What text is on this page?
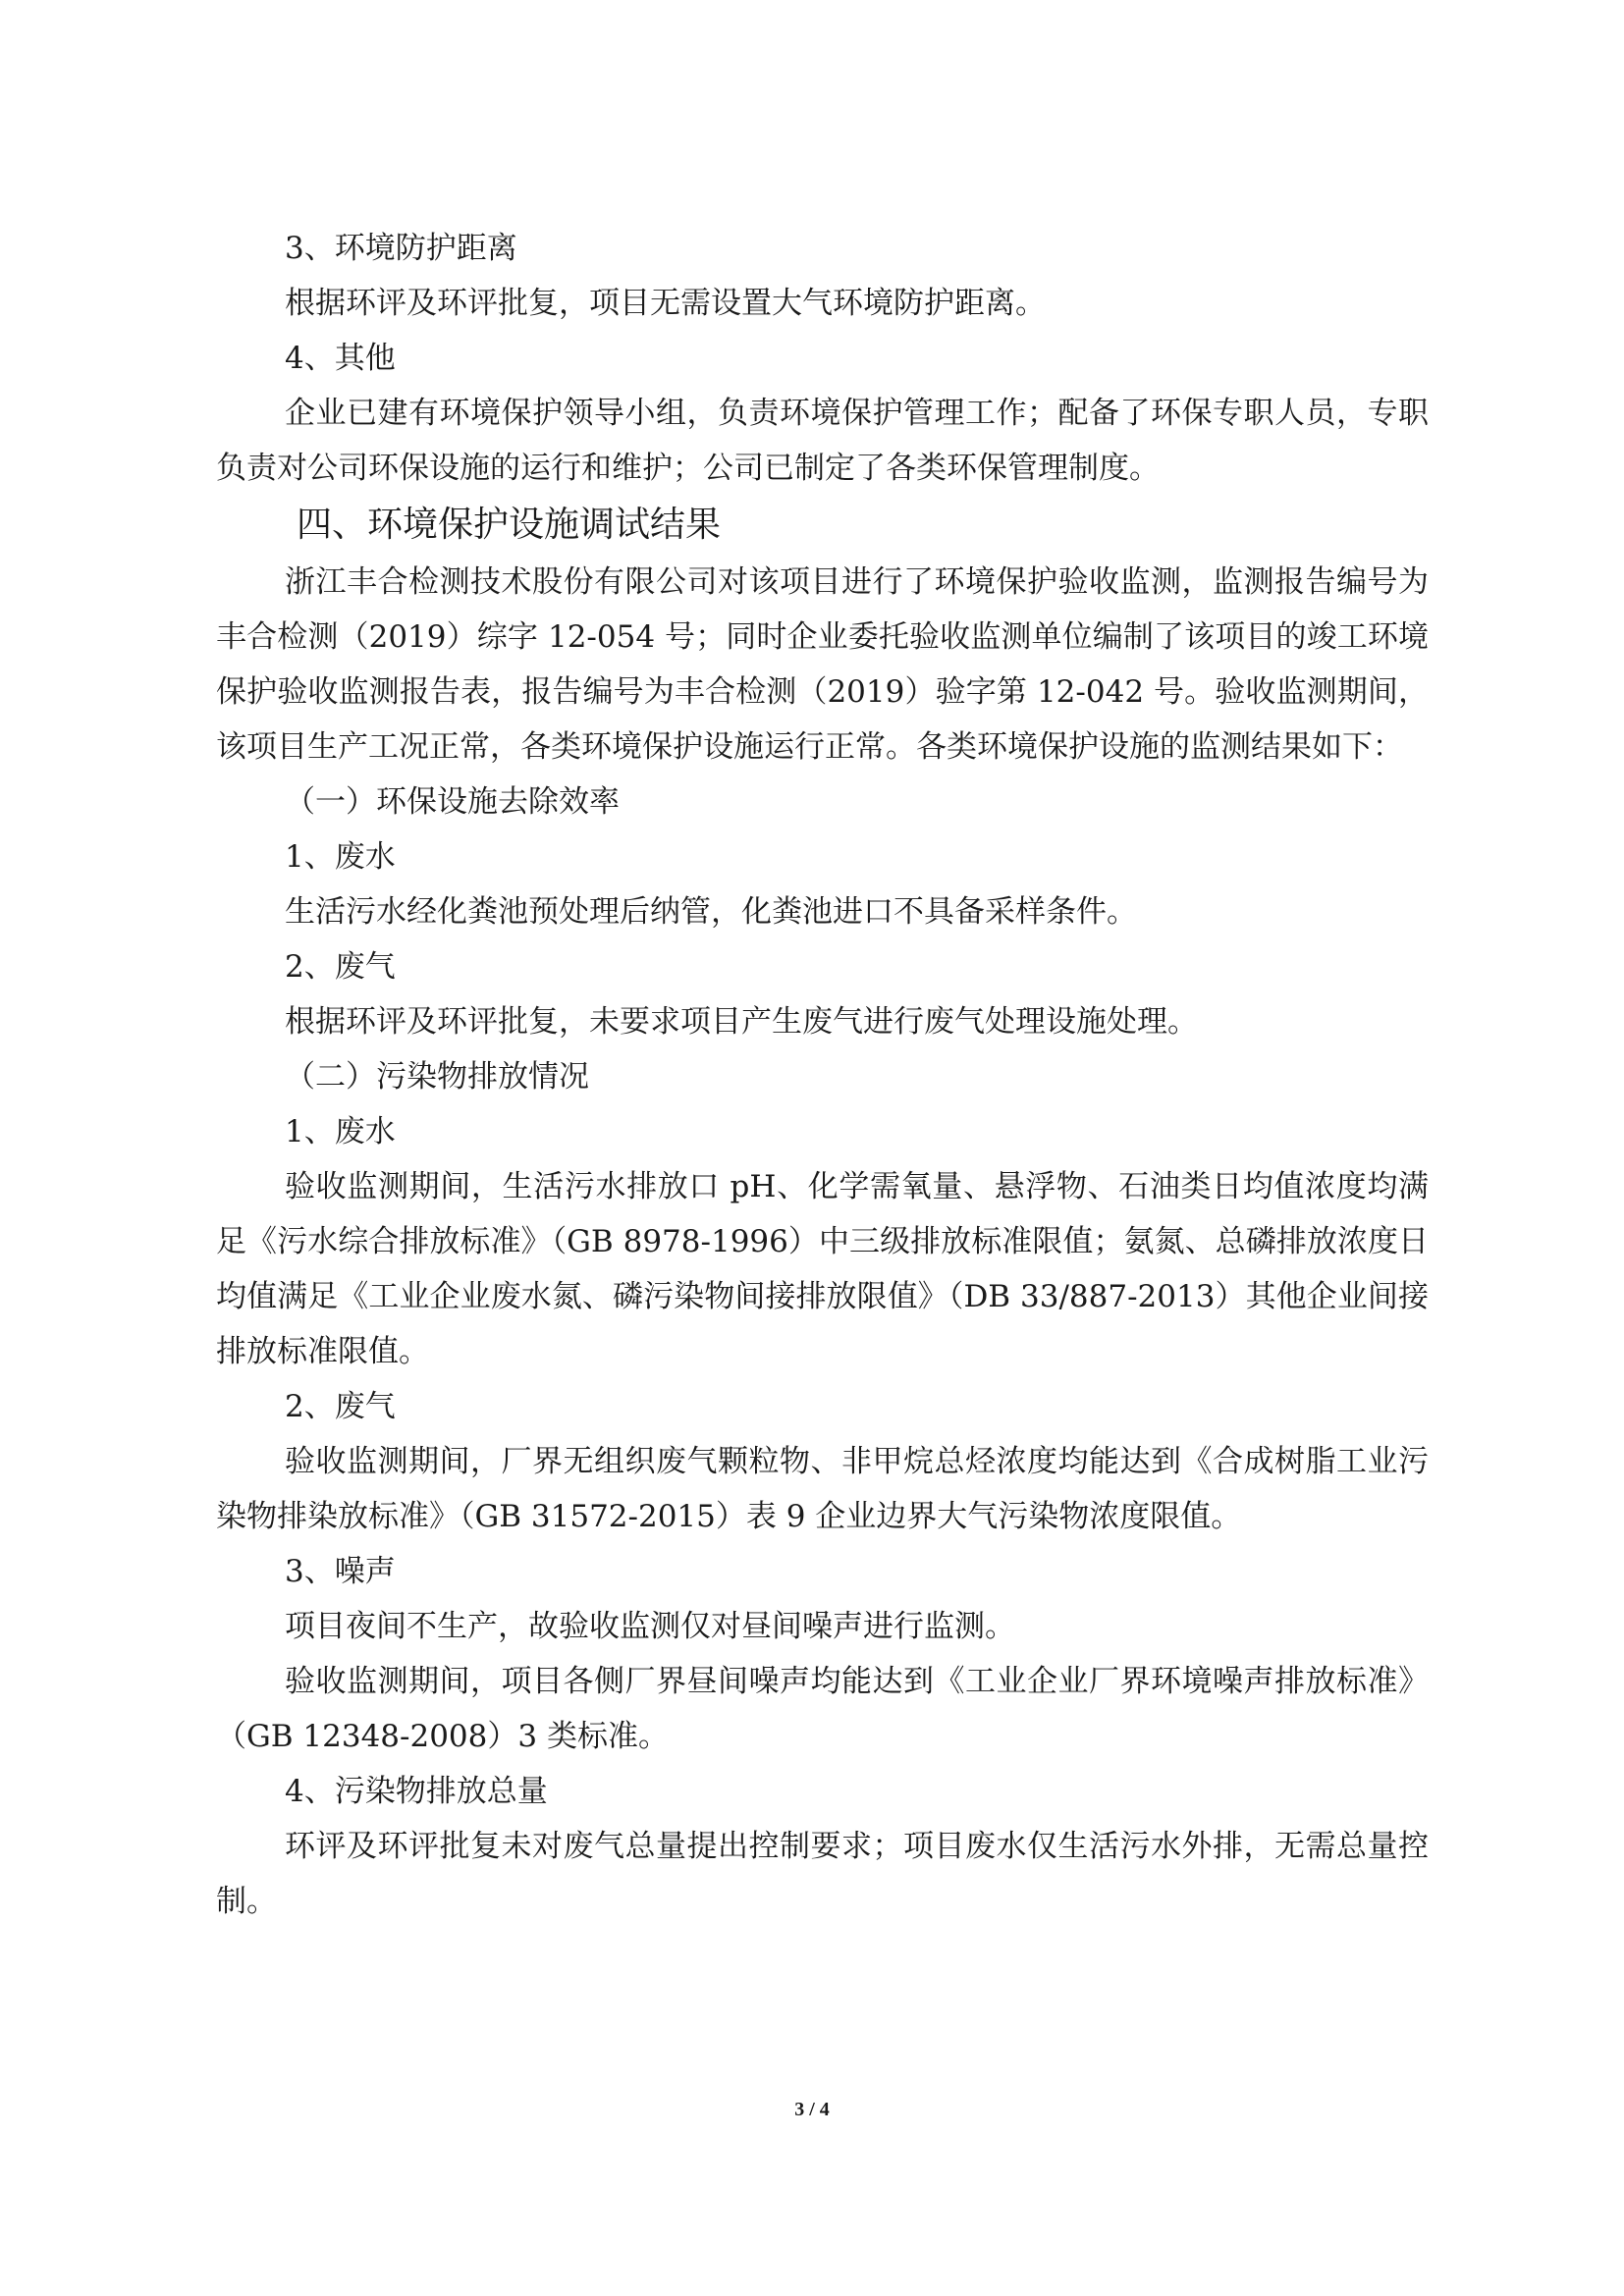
3、环境防护距离

根据环评及环评批复，项目无需设置大气环境防护距离。

4、其他

企业已建有环境保护领导小组，负责环境保护管理工作；配备了环保专职人员，专职负责对公司环保设施的运行和维护；公司已制定了各类环保管理制度。

四、环境保护设施调试结果

浙江丰合检测技术股份有限公司对该项目进行了环境保护验收监测，监测报告编号为丰合检测（2019）综字 12-054 号；同时企业委托验收监测单位编制了该项目的竣工环境保护验收监测报告表，报告编号为丰合检测（2019）验字第 12-042 号。验收监测期间，该项目生产工况正常，各类环境保护设施运行正常。各类环境保护设施的监测结果如下：

（一）环保设施去除效率

1、废水

生活污水经化粪池预处理后纳管，化粪池进口不具备采样条件。

2、废气

根据环评及环评批复，未要求项目产生废气进行废气处理设施处理。

（二）污染物排放情况

1、废水

验收监测期间，生活污水排放口 pH、化学需氧量、悬浮物、石油类日均值浓度均满足《污水综合排放标准》（GB 8978-1996）中三级排放标准限值；氨氮、总磷排放浓度日均值满足《工业企业废水氮、磷污染物间接排放限值》（DB 33/887-2013）其他企业间接排放标准限值。

2、废气

验收监测期间，厂界无组织废气颗粒物、非甲烷总烃浓度均能达到《合成树脂工业污染物排染放标准》（GB 31572-2015）表 9 企业边界大气污染物浓度限值。

3、噪声

项目夜间不生产，故验收监测仅对昼间噪声进行监测。

验收监测期间，项目各侧厂界昼间噪声均能达到《工业企业厂界环境噪声排放标准》（GB 12348-2008）3 类标准。

4、污染物排放总量

环评及环评批复未对废气总量提出控制要求；项目废水仅生活污水外排，无需总量控制。

3 / 4
